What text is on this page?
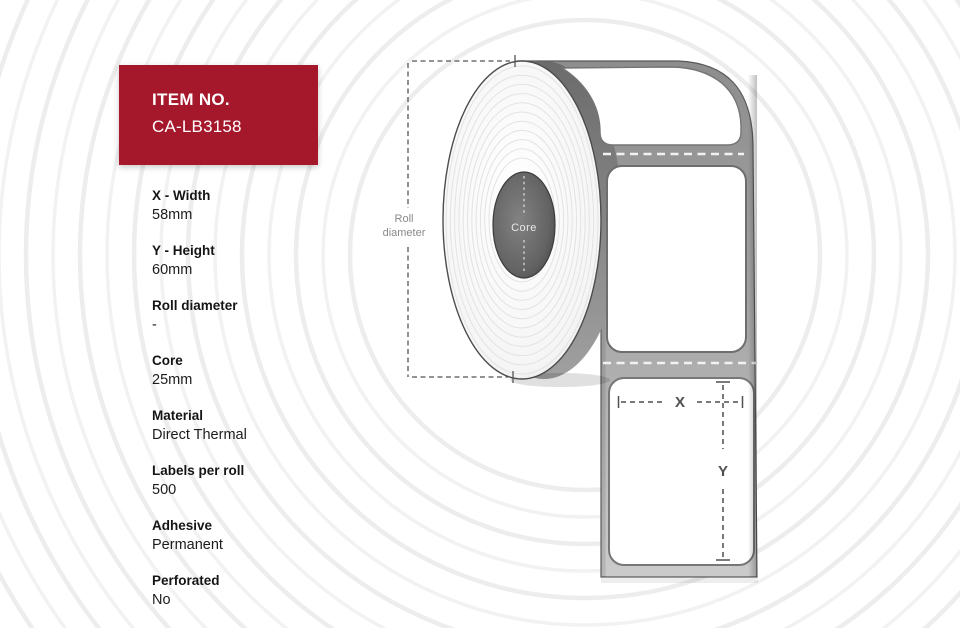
Core
Roll
diameter
X
Y
ITEM NO.
CA-LB3158
X - Width
58mm
Y - Height
60mm
Roll diameter
-
Core
25mm
Material
Direct Thermal
Labels per roll
500
Adhesive
Permanent
Perforated
No
